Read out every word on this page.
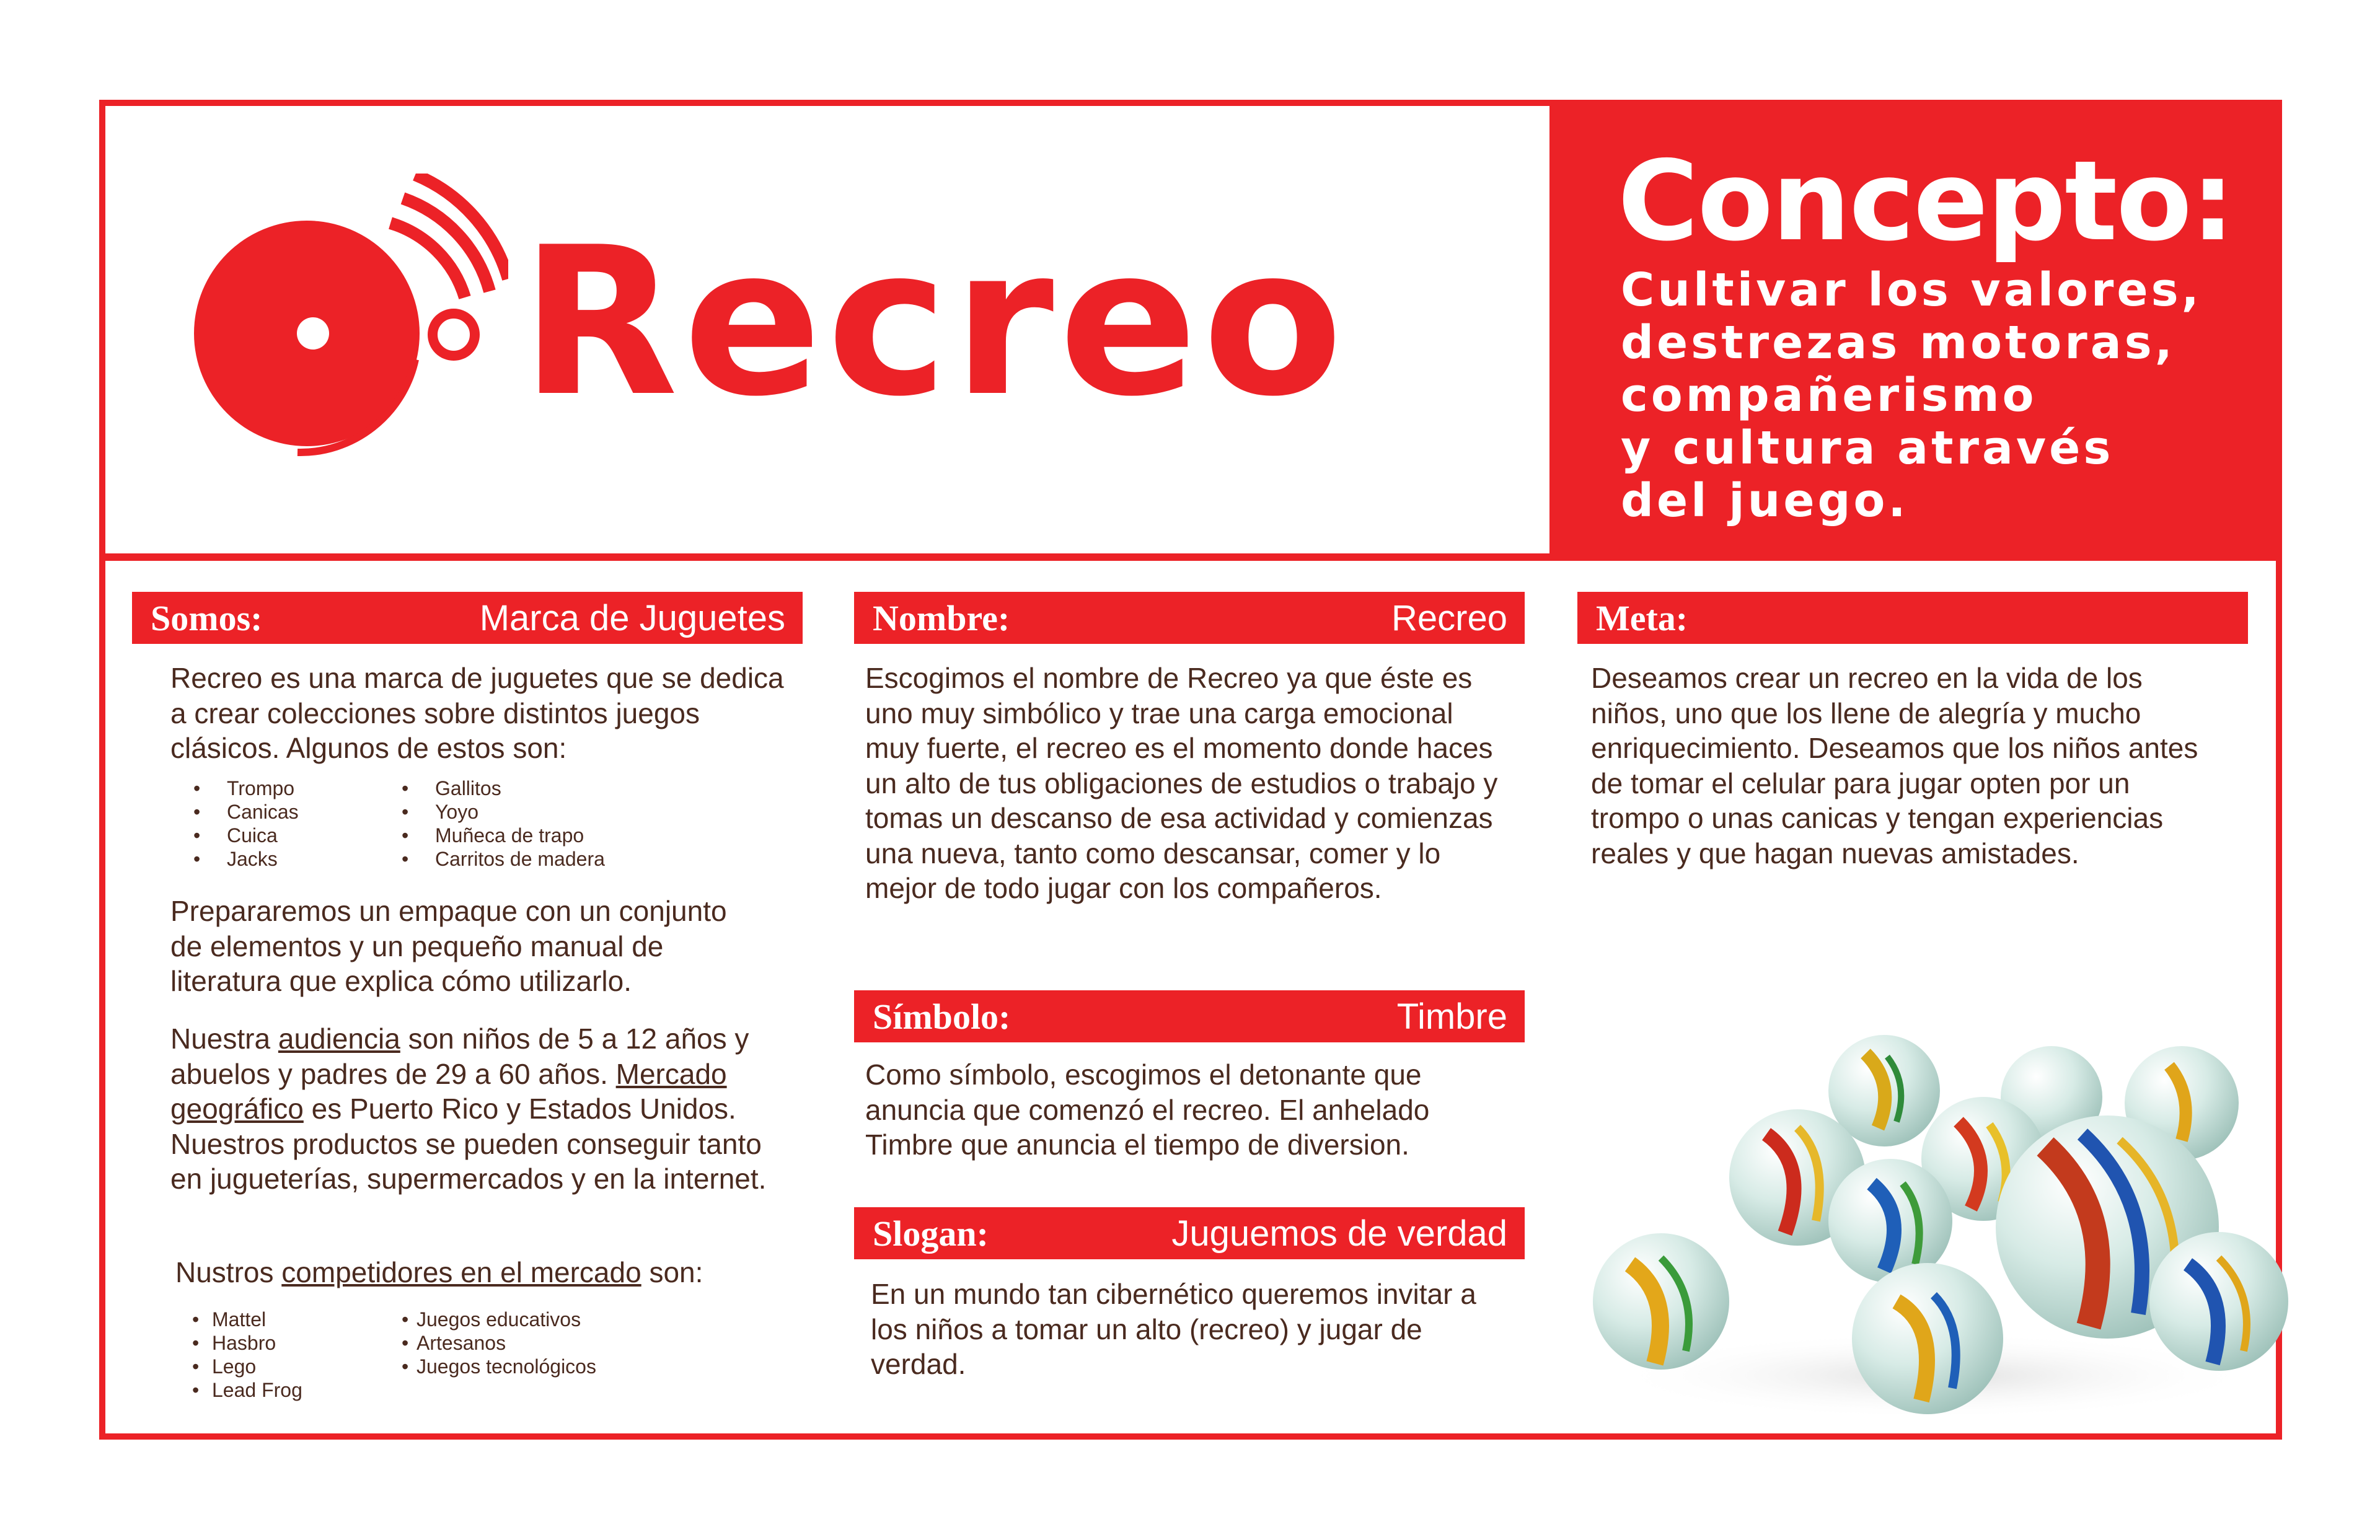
Recreo
Concepto:
Cultivar los valores,
destrezas motoras,
compañerismo
y cultura através
del juego.
Somos:	Marca de Juguetes
Recreo es una marca de juguetes que se dedica a crear colecciones sobre distintos juegos clásicos. Algunos de estos son:
• Trompo
• Canicas
• Cuica
• Jacks
• Gallitos
• Yoyo
• Muñeca de trapo
• Carritos de madera
Prepararemos un empaque con un conjunto de elementos y un pequeño manual de literatura que explica cómo utilizarlo.
Nuestra audiencia son niños de 5 a 12 años y abuelos y padres de 29 a 60 años. Mercado geográfico es Puerto Rico y Estados Unidos. Nuestros productos se pueden conseguir tanto en jugueterías, supermercados y en la internet.
Nustros competidores en el mercado son:
• Mattel
• Hasbro
• Lego
• Lead Frog
• Juegos educativos
• Artesanos
• Juegos tecnológicos
Nombre:	Recreo
Escogimos el nombre de Recreo ya que éste es uno muy simbólico y trae una carga emocional muy fuerte, el recreo es el momento donde haces un alto de tus obligaciones de estudios o trabajo y tomas un descanso de esa actividad y comienzas una nueva, tanto como descansar, comer y lo mejor de todo jugar con los compañeros.
Símbolo:	Timbre
Como símbolo, escogimos el detonante que anuncia que comenzó el recreo. El anhelado Timbre que anuncia el tiempo de diversion.
Slogan:	Juguemos de verdad
En un mundo tan cibernético queremos invitar a los niños a tomar un alto (recreo) y jugar de verdad.
Meta:
Deseamos crear un recreo en la vida de los niños, uno que los llene de alegría y mucho enriquecimiento. Deseamos que los niños antes de tomar el celular para jugar opten por un trompo o unas canicas y tengan experiencias reales y que hagan nuevas amistades.
